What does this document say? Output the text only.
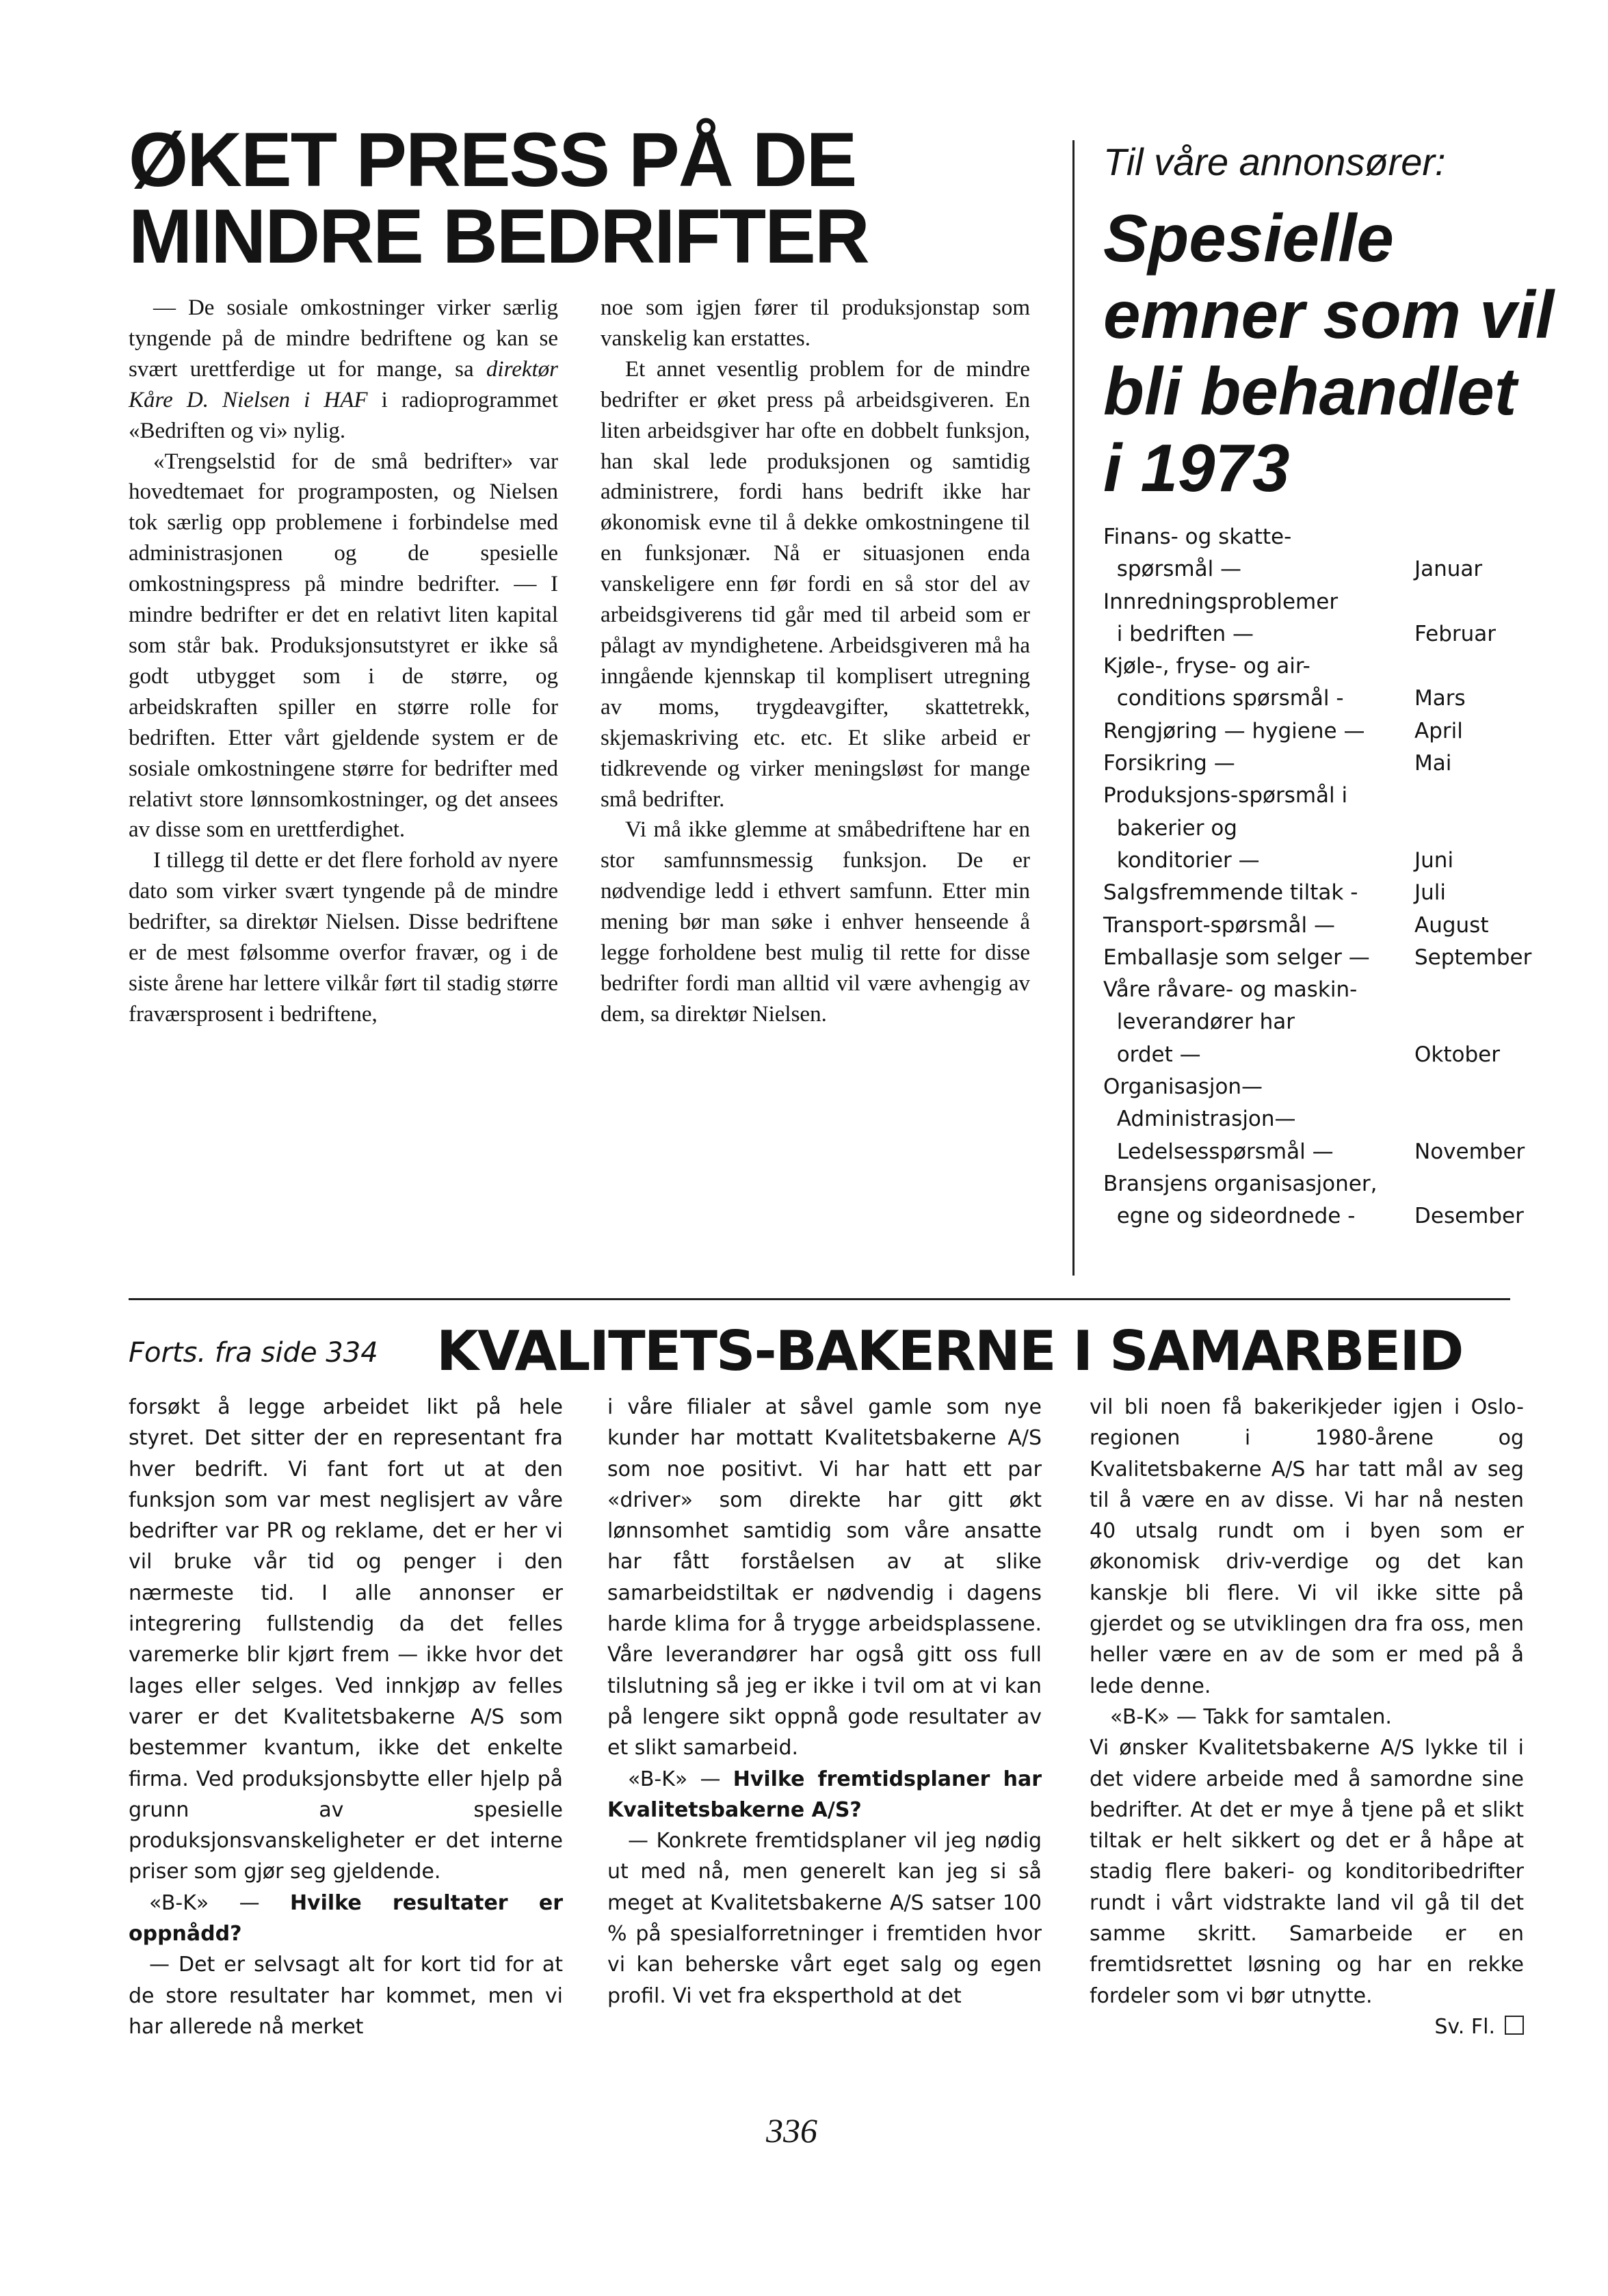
ØKET PRESS PÅ DE
MINDRE BEDRIFTER

— De sosiale omkostninger virker særlig tyngende på de mindre bedriftene og kan se svært urettferdige ut for mange, sa direktør Kåre D. Nielsen i HAF i radioprogrammet «Bedriften og vi» nylig.

«Trengselstid for de små bedrifter» var hovedtemaet for programposten, og Nielsen tok særlig opp problemene i forbindelse med administrasjonen og de spesielle omkostningspress på mindre bedrifter. — I mindre bedrifter er det en relativt liten kapital som står bak. Produksjonsutstyret er ikke så godt utbygget som i de større, og arbeidskraften spiller en større rolle for bedriften. Etter vårt gjeldende system er de sosiale omkostningene større for bedrifter med relativt store lønnsomkostninger, og det ansees av disse som en urettferdighet.

I tillegg til dette er det flere forhold av nyere dato som virker svært tyngende på de mindre bedrifter, sa direktør Nielsen. Disse bedriftene er de mest følsomme overfor fravær, og i de siste årene har lettere vilkår ført til stadig større fraværsprosent i bedriftene,

noe som igjen fører til produksjonstap som vanskelig kan erstattes.

Et annet vesentlig problem for de mindre bedrifter er øket press på arbeidsgiveren. En liten arbeidsgiver har ofte en dobbelt funksjon, han skal lede produksjonen og samtidig administrere, fordi hans bedrift ikke har økonomisk evne til å dekke omkostningene til en funksjonær. Nå er situasjonen enda vanskeligere enn før fordi en så stor del av arbeidsgiverens tid går med til arbeid som er pålagt av myndighetene. Arbeidsgiveren må ha inngående kjennskap til komplisert utregning av moms, trygdeavgifter, skattetrekk, skjemaskriving etc. etc. Et slike arbeid er tidkrevende og virker meningsløst for mange små bedrifter.

Vi må ikke glemme at småbedriftene har en stor samfunnsmessig funksjon. De er nødvendige ledd i ethvert samfunn. Etter min mening bør man søke i enhver henseende å legge forholdene best mulig til rette for disse bedrifter fordi man alltid vil være avhengig av dem, sa direktør Nielsen.

Til våre annonsører:
Spesielle
emner som vil
bli behandlet
i 1973
Finans- og skatte-
spørsmål —	Januar
Innredningsproblemer
i bedriften —	Februar
Kjøle-, fryse- og air-
conditions spørsmål -	Mars
Rengjøring — hygiene —	April
Forsikring —	Mai
Produksjons-spørsmål i
bakerier og
konditorier —	Juni
Salgsfremmende tiltak -	Juli
Transport-spørsmål —	August
Emballasje som selger —	September
Våre råvare- og maskin-
leverandører har
ordet —	Oktober
Organisasjon—
Administrasjon—
Ledelsesspørsmål —	November
Bransjens organisasjoner,
egne og sideordnede -	Desember
Forts. fra side 334 KVALITETS-BAKERNE I SAMARBEID

forsøkt å legge arbeidet likt på hele styret. Det sitter der en representant fra hver bedrift. Vi fant fort ut at den funksjon som var mest neglisjert av våre bedrifter var PR og reklame, det er her vi vil bruke vår tid og penger i den nærmeste tid. I alle annonser er integrering fullstendig da det felles varemerke blir kjørt frem — ikke hvor det lages eller selges. Ved innkjøp av felles varer er det Kvalitetsbakerne A/S som bestemmer kvantum, ikke det enkelte firma. Ved produksjonsbytte eller hjelp på grunn av spesielle produksjonsvanskeligheter er det interne priser som gjør seg gjeldende.

«B-K» — Hvilke resultater er oppnådd?

— Det er selvsagt alt for kort tid for at de store resultater har kommet, men vi har allerede nå merket

i våre filialer at såvel gamle som nye kunder har mottatt Kvalitetsbakerne A/S som noe positivt. Vi har hatt ett par «driver» som direkte har gitt økt lønnsomhet samtidig som våre ansatte har fått forståelsen av at slike samarbeidstiltak er nødvendig i dagens harde klima for å trygge arbeidsplassene. Våre leverandører har også gitt oss full tilslutning så jeg er ikke i tvil om at vi kan på lengere sikt oppnå gode resultater av et slikt samarbeid.

«B-K» — Hvilke fremtidsplaner har Kvalitetsbakerne A/S?

— Konkrete fremtidsplaner vil jeg nødig ut med nå, men generelt kan jeg si så meget at Kvalitetsbakerne A/S satser 100 % på spesialforretninger i fremtiden hvor vi kan beherske vårt eget salg og egen profil. Vi vet fra eksperthold at det

vil bli noen få bakerikjeder igjen i Oslo-regionen i 1980-årene og Kvalitetsbakerne A/S har tatt mål av seg til å være en av disse. Vi har nå nesten 40 utsalg rundt om i byen som er økonomisk driv-verdige og det kan kanskje bli flere. Vi vil ikke sitte på gjerdet og se utviklingen dra fra oss, men heller være en av de som er med på å lede denne.

«B-K» — Takk for samtalen.

Vi ønsker Kvalitetsbakerne A/S lykke til i det videre arbeide med å samordne sine bedrifter. At det er mye å tjene på et slikt tiltak er helt sikkert og det er å håpe at stadig flere bakeri- og konditoribedrifter rundt i vårt vidstrakte land vil gå til det samme skritt. Samarbeide er en fremtidsrettet løsning og har en rekke fordeler som vi bør utnytte.

Sv. Fl.

336
